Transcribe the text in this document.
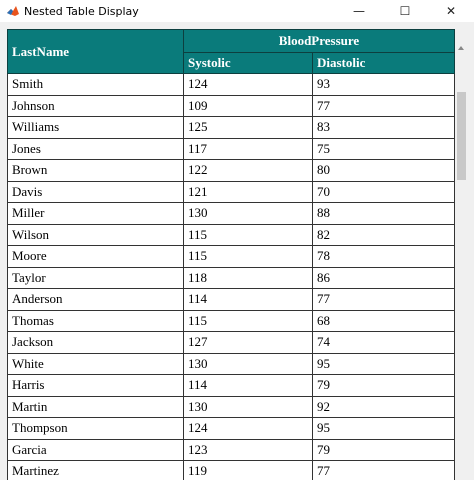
Nested Table Display	—	☐	✕
LastName	BloodPressure	
	Systolic	Diastolic
Smith	124	93
Johnson	109	77
Williams	125	83
Jones	117	75
Brown	122	80
Davis	121	70
Miller	130	88
Wilson	115	82
Moore	115	78
Taylor	118	86
Anderson	114	77
Thomas	115	68
Jackson	127	74
White	130	95
Harris	114	79
Martin	130	92
Thompson	124	95
Garcia	123	79
Martinez	119	77
